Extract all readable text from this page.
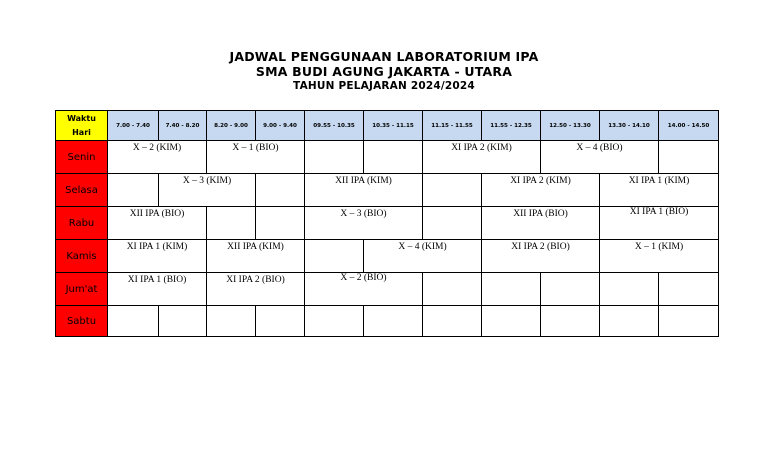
JADWAL PENGGUNAAN LABORATORIUM IPA
SMA BUDI AGUNG JAKARTA - UTARA
TAHUN PELAJARAN 2024/2024
Waktu
Hari	7.00 - 7.40	7.40 - 8.20	8.20 - 9.00	9.00 - 9.40	09.55 - 10.35	10.35 - 11.15	11.15 - 11.55	11.55 - 12.35	12.50 - 13.30	13.30 - 14.10	14.00 - 14.50
Senin	X – 2 (KIM)		X – 1 (BIO)				XI IPA 2 (KIM)		X – 4 (BIO)		
Selasa		X – 3 (KIM)			XII IPA (KIM)			XI IPA 2 (KIM)		XI IPA 1 (KIM)	
Rabu	XII IPA (BIO)				X – 3 (BIO)			XII IPA (BIO)		XI IPA 1 (BIO)	
Kamis	XI IPA 1 (KIM)		XII IPA (KIM)			X – 4 (KIM)		XI IPA 2 (BIO)		X – 1 (KIM)	
Jum'at	XI IPA 1 (BIO)		XI IPA 2 (BIO)		X – 2 (BIO)						
Sabtu											
